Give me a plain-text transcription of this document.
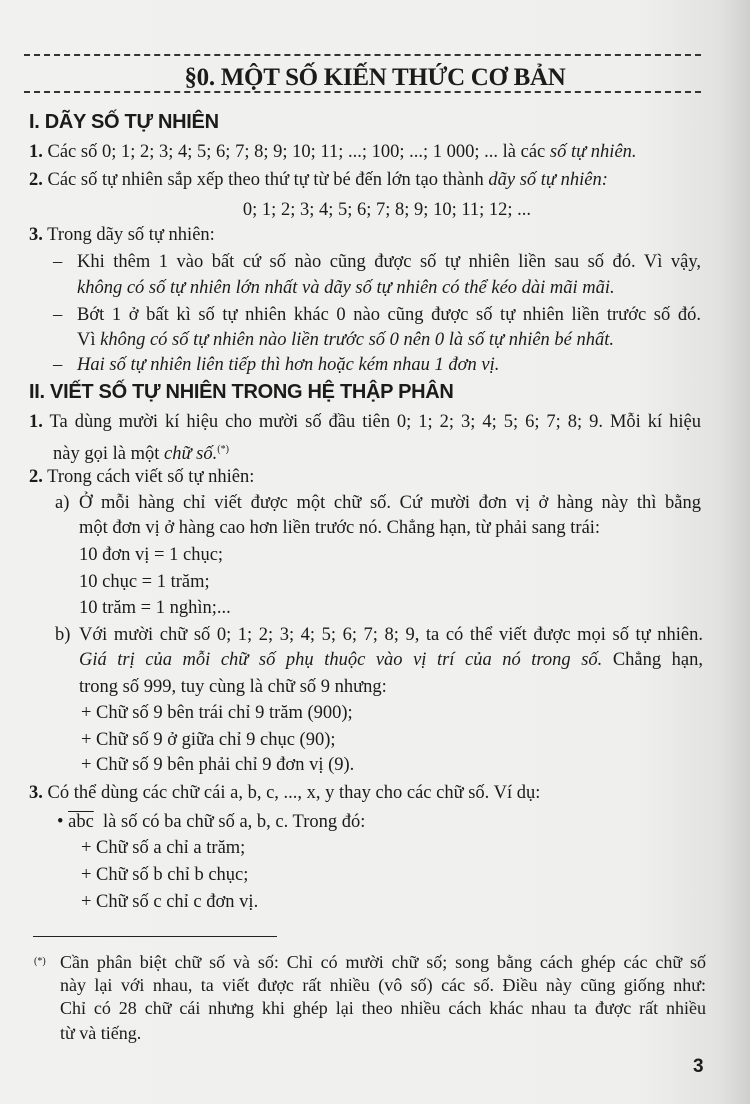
§0. MỘT SỐ KIẾN THỨC CƠ BẢN
I. DÃY SỐ TỰ NHIÊN
1. Các số 0; 1; 2; 3; 4; 5; 6; 7; 8; 9; 10; 11; ...; 100; ...; 1 000; ... là các số tự nhiên.
2. Các số tự nhiên sắp xếp theo thứ tự từ bé đến lớn tạo thành dãy số tự nhiên:
0; 1; 2; 3; 4; 5; 6; 7; 8; 9; 10; 11; 12; ...
3. Trong dãy số tự nhiên:
– Khi thêm 1 vào bất cứ số nào cũng được số tự nhiên liền sau số đó. Vì vậy,
không có số tự nhiên lớn nhất và dãy số tự nhiên có thể kéo dài mãi mãi.
– Bớt 1 ở bất kì số tự nhiên khác 0 nào cũng được số tự nhiên liền trước số đó.
Vì không có số tự nhiên nào liền trước số 0 nên 0 là số tự nhiên bé nhất.
– Hai số tự nhiên liên tiếp thì hơn hoặc kém nhau 1 đơn vị.
II. VIẾT SỐ TỰ NHIÊN TRONG HỆ THẬP PHÂN
1. Ta dùng mười kí hiệu cho mười số đầu tiên 0; 1; 2; 3; 4; 5; 6; 7; 8; 9. Mỗi kí hiệu
này gọi là một chữ số.(*)
2. Trong cách viết số tự nhiên:
a) Ở mỗi hàng chỉ viết được một chữ số. Cứ mười đơn vị ở hàng này thì bằng
một đơn vị ở hàng cao hơn liền trước nó. Chẳng hạn, từ phải sang trái:
10 đơn vị = 1 chục;
10 chục = 1 trăm;
10 trăm = 1 nghìn;...
b) Với mười chữ số 0; 1; 2; 3; 4; 5; 6; 7; 8; 9, ta có thể viết được mọi số tự nhiên.
Giá trị của mỗi chữ số phụ thuộc vào vị trí của nó trong số. Chẳng hạn,
trong số 999, tuy cùng là chữ số 9 nhưng:
+ Chữ số 9 bên trái chỉ 9 trăm (900);
+ Chữ số 9 ở giữa chỉ 9 chục (90);
+ Chữ số 9 bên phải chỉ 9 đơn vị (9).
3. Có thể dùng các chữ cái a, b, c, ..., x, y thay cho các chữ số. Ví dụ:
• $\overline{abc}$ là số có ba chữ số a, b, c. Trong đó:
+ Chữ số a chỉ a trăm;
+ Chữ số b chỉ b chục;
+ Chữ số c chỉ c đơn vị.
(*) Cần phân biệt chữ số và số: Chỉ có mười chữ số; song bằng cách ghép các chữ số
này lại với nhau, ta viết được rất nhiều (vô số) các số. Điều này cũng giống như:
Chỉ có 28 chữ cái nhưng khi ghép lại theo nhiều cách khác nhau ta được rất nhiều
từ và tiếng.
3
